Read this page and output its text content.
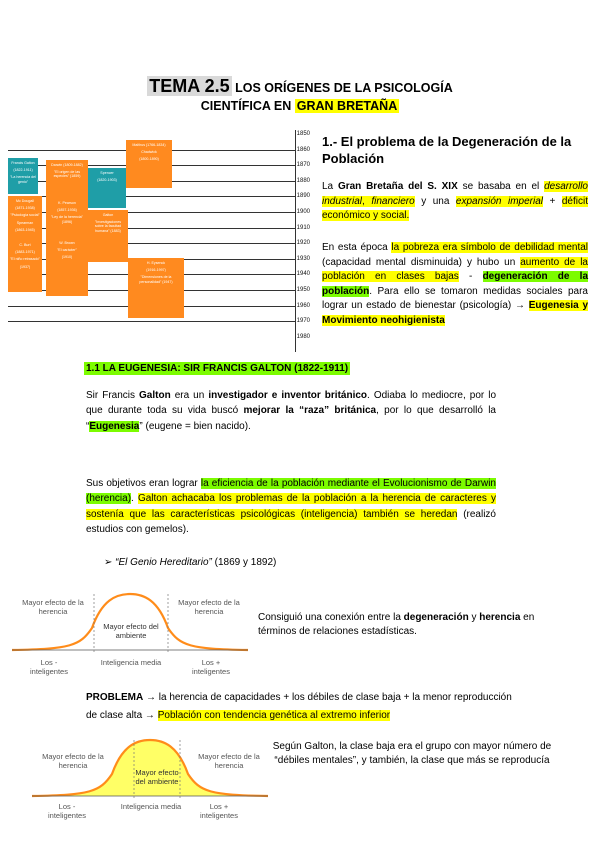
TEMA 2.5 LOS ORÍGENES DE LA PSICOLOGÍA
CIENTÍFICA EN GRAN BRETAÑA
1850
1860
1870
1880
1890
1900
1910
1920
1930
1940
1950
1960
1970
1980
Malthus (1766-1834)
Chadwick
(1800-1890)
Francis Galton
(1822-1911)
"La herencia del genio"
Darwin (1809-1882)
"El origen de las especies" (1859)
Spencer
(1820-1903)
K. Pearson
(1857-1936)
"Ley de la herencia" (1896)
Mc Dougall
(1871-1938)
"Psicología social"
Spearman
(1863-1945)
C. Burt
(1883-1971)
"El niño retrasado"
(1937)
W. Brown
"El carácter"
(1910)
Galton
"Investigaciones sobre la facultad humana" (1883)
H. Eysenck
(1916-1997)
"Dimensiones de la personalidad" (1947)
1.- El problema de la Degeneración de la Población
La Gran Bretaña del S. XIX se basaba en el desarrollo industrial, financiero y una expansión imperial + déficit económico y social.
En esta época la pobreza era símbolo de debilidad mental (capacidad mental disminuida) y hubo un aumento de la población en clases bajas - degeneración de la población. Para ello se tomaron medidas sociales para lograr un estado de bienestar (psicología) → Eugenesia y Movimiento neohigienista
1.1 LA EUGENESIA: SIR FRANCIS GALTON (1822-1911)
Sir Francis Galton era un investigador e inventor británico. Odiaba lo mediocre, por lo que durante toda su vida buscó mejorar la “raza” británica, por lo que desarrolló la “Eugenesia” (eugene = bien nacido).
Sus objetivos eran lograr la eficiencia de la población mediante el Evolucionismo de Darwin (herencia). Galton achacaba los problemas de la población a la herencia de caracteres y sostenía que las características psicológicas (inteligencia) también se heredan (realizó estudios con gemelos).
➢ “El Genio Hereditario” (1869 y 1892)
Mayor efecto de la herencia
Mayor efecto de la herencia
Mayor efecto del ambiente
Los - inteligentes
Inteligencia media	Los + inteligentes
Consiguió una conexión entre la degeneración y herencia en términos de relaciones estadísticas.
PROBLEMA → la herencia de capacidades + los débiles de clase baja + la menor reproducción de clase alta → Población con tendencia genética al extremo inferior
Mayor efecto de la herencia
Mayor efecto de la herencia
Mayor efecto del ambiente
Los - inteligentes
Inteligencia media	Los + inteligentes
Según Galton, la clase baja era el grupo con mayor número de “débiles mentales”, y también, la clase que más se reproducía
